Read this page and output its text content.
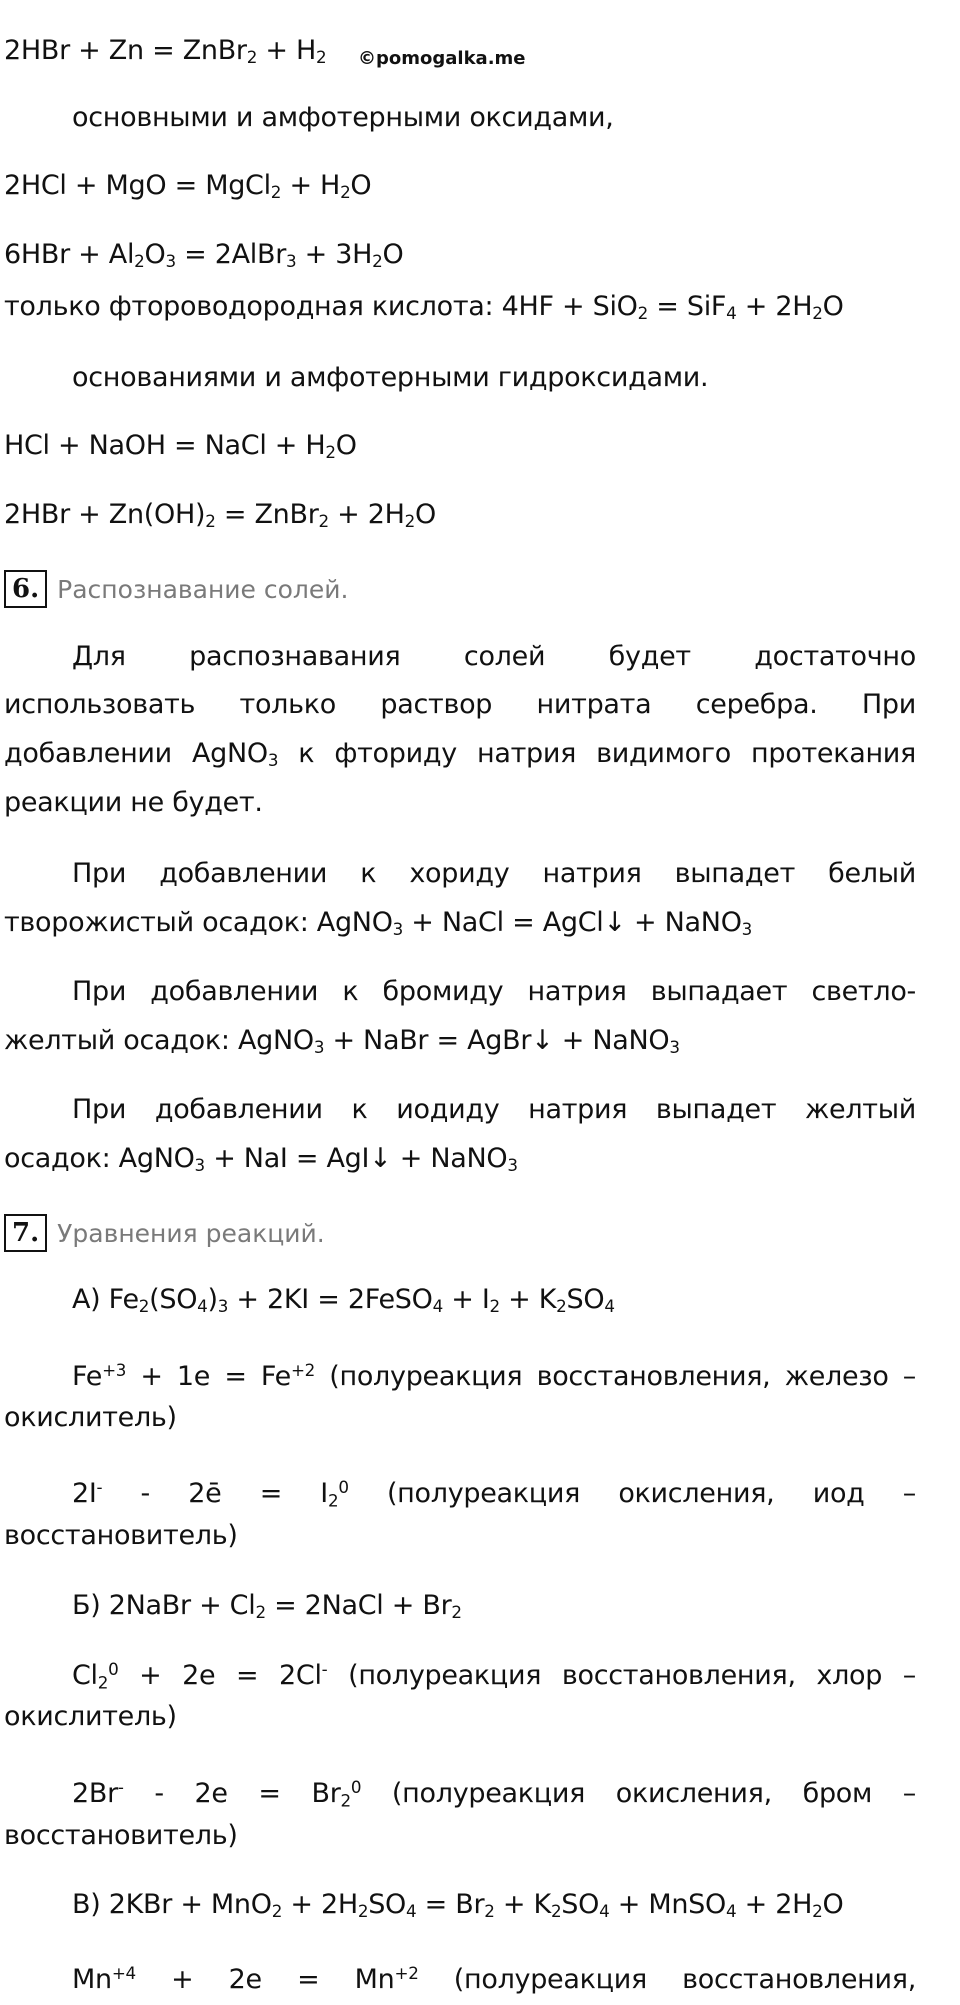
2HBr + Zn = ZnBr$_2$ + $H_2$ ©pomogalka.me
основными и амфотерными оксидами,
2HCl + MgO = MgCl$_2$ + $H_2O$
$6HBr + Al_2O_3$ = 2AlBr$_3$ + $3H_2O$
только фтороводородная кислота: $4HF + SiO_2 = SiF_4 + 2H_2O$
основаниями и амфотерными гидроксидами.
HCl + NaOH = NaCl + $H_2O$
$2HBr + Zn(OH)_2$ = ZnBr$_2$ + $2H_2O$
6. Распознавание солей.
Для распознавания солей будет достаточно
использовать только раствор нитрата серебра. При
добавлении AgNO$_3$ к фториду натрия видимого протекания
реакции не будет.
При добавлении к хориду натрия выпадет белый
творожистый осадок: AgNO$_3$ + NaCl = AgCl↓ + NaNO$_3$
При добавлении к бромиду натрия выпадает светло-
желтый осадок: AgNO$_3$ + NaBr = AgBr↓ + NaNO$_3$
При добавлении к иодиду натрия выпадет желтый
осадок: AgNO$_3$ + NaI = AgI↓ + NaNO$_3$
7. Уравнения реакций.
А) $Fe_2(SO_4)_3 + 2KI$ = 2FeSO$_4$ + $I_2 + K_2SO_4$
$Fe^{+3} + 1e = Fe^{+2}$ (полуреакция восстановления, железо –
окислитель)
2I- - 2ē = $I_2^0$ (полуреакция окисления, иод –
восстановитель)
Б) 2NaBr + $Cl_2$ = 2NaCl + $Br_2$
$Cl_2^0 + 2e = 2Cl^-$ (полуреакция восстановления, хлор –
окислитель)
$2Br^- - 2e = Br_2^0$ (полуреакция окисления, бром –
восстановитель)
В) $2KBr + MnO_2 + 2H_2SO_4 = Br_2 + K_2SO_4$ + MnSO$_4$ + $2H_2O$
$Mn^{+4} + 2e = Mn^{+2}$ (полуреакция восстановления,
